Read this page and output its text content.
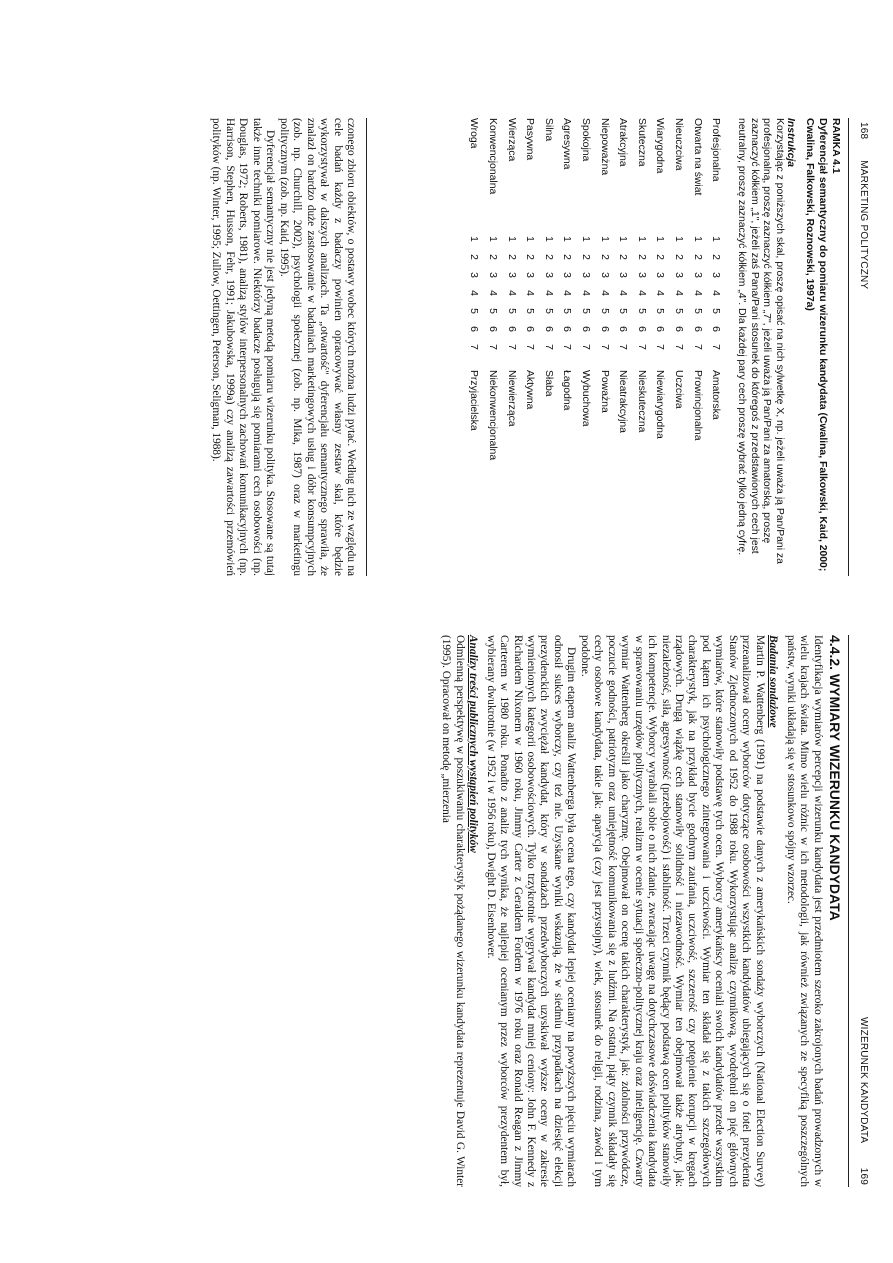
168 MARKETING POLITYCZNY
RAMKA 4.1
Dyferencjał semantyczny do pomiaru wizerunku kandydata (Cwalina, Falkowski, Kaid, 2000; Cwalina, Falkowski, Roznowski, 1997a)
Instrukcja
Korzystając z poniższych skal, proszę opisać na nich sylwetkę X, np. jeżeli uważa ją Pan/Pani za profesjonalną, proszę zaznaczyć kółkiem „7", jeżeli uważa ją Pan/Pani za amatorską, proszę zaznaczyć kółkiem „1", jeżeli zaś Pana/Pani stosunek do któregoś z przedstawionych cech jest neutralny, proszę zaznaczyć kółkiem „4". Dla każdej pary cech proszę wybrać tylko jedną cyfrę.
Profesjonalna	1	2	3	4	5	6	7	Amatorska
Otwarta na świat	1	2	3	4	5	6	7	Prowincjonalna
Nieuczciwa	1	2	3	4	5	6	7	Uczciwa
Wiarygodna	1	2	3	4	5	6	7	Niewiarygodna
Skuteczna	1	2	3	4	5	6	7	Nieskuteczna
Atrakcyjna	1	2	3	4	5	6	7	Nieatrakcyjna
Niepoważna	1	2	3	4	5	6	7	Poważna
Spokojna	1	2	3	4	5	6	7	Wybuchowa
Agresywna	1	2	3	4	5	6	7	Łagodna
Silna	1	2	3	4	5	6	7	Słaba
Pasywna	1	2	3	4	5	6	7	Aktywna
Wierząca	1	2	3	4	5	6	7	Niewierząca
Konwencjonalna	1	2	3	4	5	6	7	Niekonwencjonalna
Wroga	1	2	3	4	5	6	7	Przyjacielska

czonego zbioru obiektów, o postawy wobec których można ludzi pytać. Według nich ze względu na cele badań każdy z badaczy powinien opracowywać własny zestaw skal, które będzie wykorzystywał w dalszych analizach. Ta „otwartość" dyferencjału semantycznego sprawiła, że znalazł on bardzo duże zastosowanie w badaniach marketingowych usług i dóbr konsumpcyjnych (zob. np. Churchill, 2002), psychologii społecznej (zob. np. Mika, 1987) oraz w marketingu politycznym (zob. np. Kaid, 1995).

Dyferencjał semantyczny nie jest jedyną metodą pomiaru wizerunku polityka. Stosowane są tutaj także inne techniki pomiarowe. Niektórzy badacze posługują się pomiarami cech osobowości (np. Douglas, 1972; Roberts, 1981), analizą stylów interpersonalnych zachowań komunikacyjnych (np. Harrison, Stephen, Husson, Fehr, 1991; Jakubowska, 1999a) czy analizą zawartości przemówień polityków (np. Winter, 1995; Zullow, Oettingen, Peterson, Seligman, 1988).

WIZERUNEK KANDYDATA 169
4.4.2. WYMIARY WIZERUNKU KANDYDATA

Identyfikacja wymiarów percepcji wizerunku kandydata jest przedmiotem szeroko zakrojonych badań prowadzonych w wielu krajach świata. Mimo wielu różnic w ich metodologii, jak również związanych ze specyfiką poszczególnych państw, wyniki układają się w stosunkowo spójny wzorzec.

Badania sondażowe

Martin P. Wattenberg (1991) na podstawie danych z amerykańskich sondaży wyborczych (National Election Survey) przeanalizował oceny wyborców dotyczące osobowości wszystkich kandydatów ubiegających się o fotel prezydenta Stanów Zjednoczonych od 1952 do 1988 roku. Wykorzystując analizę czynnikową, wyodrębnił on pięć głównych wymiarów, które stanowiły podstawę tych ocen. Wyborcy amerykańscy oceniali swoich kandydatów przede wszystkim pod kątem ich psychologicznego zintegrowania i uczciwości. Wymiar ten składał się z takich szczegółowych charakterystyk, jak na przykład bycie godnym zaufania, uczciwość, szczerość czy potępienie korupcji w kręgach rządowych. Drugą wiązkę cech stanowiły solidność i niezawodność. Wymiar ten obejmował także atrybuty, jak: niezależność, siła, agresywność (przebojowość) i stabilność. Trzeci czynnik będący podstawą ocen polityków stanowiły ich kompetencje. Wyborcy wyrabiali sobie o nich zdanie, zwracając uwagę na dotychczasowe doświadczenia kandydata w sprawowaniu urzędów politycznych, realizm w ocenie sytuacji społeczno-politycznej kraju oraz inteligencję. Czwarty wymiar Wattenberg określił jako charyzmę. Obejmował on ocenę takich charakterystyk, jak: zdolności przywódcze, poczucie godności, patriotyzm oraz umiejętność komunikowania się z ludźmi. Na ostatni, piąty czynnik składały się cechy osobowe kandydata, takie jak: aparycja (czy jest przystojny), wiek, stosunek do religii, rodzina, zawód i tym podobne.

Drugim etapem analiz Wattenberga była ocena tego, czy kandydat lepiej oceniany na powyższych pięciu wymiarach odnosił sukces wyborczy, czy też nie. Uzyskane wyniki wskazują, że w siedmiu przypadkach na dziesięć elekcji prezydenckich zwyciężał kandydat, który w sondażach przedwyborczych uzyskiwał wyższe oceny w zakresie wymienionych kategorii osobowościowych. Tylko trzykrotnie wygrywał kandydat mniej ceniony: John F. Kennedy z Richardem Nixonem w 1960 roku, Jimmy Carter z Geraldem Fordem w 1976 roku oraz Ronald Reagan z Jimmy Carterem w 1980 roku. Ponadto z analiz tych wynika, że najlepiej ocenianym przez wyborców prezydentem był, wybierany dwukrotnie (w 1952 i w 1956 roku), Dwight D. Eisenhower.

Analizy treści publicznych wystąpień polityków

Odmienną perspektywę w poszukiwaniu charakterystyk pożądanego wizerunku kandydata reprezentuje David G. Winter (1995). Opracował on metodę „mierzenia
